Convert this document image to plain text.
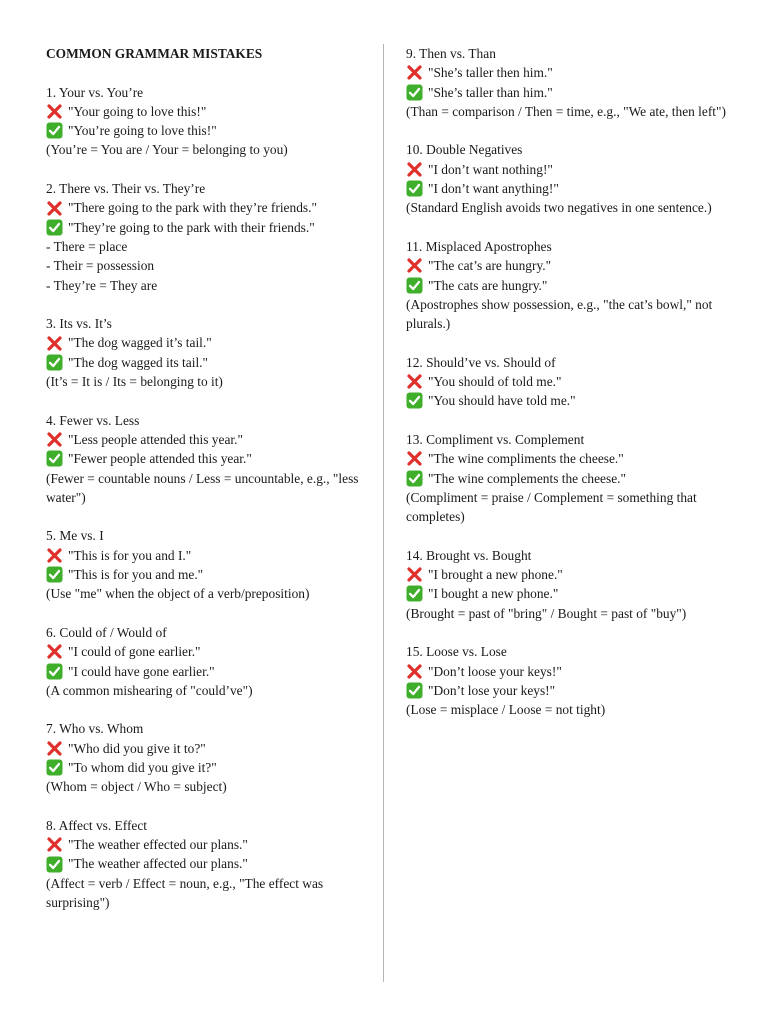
COMMON GRAMMAR MISTAKES
1. Your vs. You’re
"Your going to love this!"
"You’re going to love this!"
(You’re = You are / Your = belonging to you)
2. There vs. Their vs. They’re
"There going to the park with they’re friends."
"They’re going to the park with their friends."
- There = place
- Their = possession
- They’re = They are
3. Its vs. It’s
"The dog wagged it’s tail."
"The dog wagged its tail."
(It’s = It is / Its = belonging to it)
4. Fewer vs. Less
"Less people attended this year."
"Fewer people attended this year."
(Fewer = countable nouns / Less = uncountable, e.g., "less water")
5. Me vs. I
"This is for you and I."
"This is for you and me."
(Use "me" when the object of a verb/preposition)
6. Could of / Would of
"I could of gone earlier."
"I could have gone earlier."
(A common mishearing of "could’ve")
7. Who vs. Whom
"Who did you give it to?"
"To whom did you give it?"
(Whom = object / Who = subject)
8. Affect vs. Effect
"The weather effected our plans."
"The weather affected our plans."
(Affect = verb / Effect = noun, e.g., "The effect was surprising")
9. Then vs. Than
"She’s taller then him."
"She’s taller than him."
(Than = comparison / Then = time, e.g., "We ate, then left")
10. Double Negatives
"I don’t want nothing!"
"I don’t want anything!"
(Standard English avoids two negatives in one sentence.)
11. Misplaced Apostrophes
"The cat’s are hungry."
"The cats are hungry."
(Apostrophes show possession, e.g., "the cat’s bowl," not plurals.)
12. Should’ve vs. Should of
"You should of told me."
"You should have told me."
13. Compliment vs. Complement
"The wine compliments the cheese."
"The wine complements the cheese."
(Compliment = praise / Complement = something that completes)
14. Brought vs. Bought
"I brought a new phone."
"I bought a new phone."
(Brought = past of "bring" / Bought = past of "buy")
15. Loose vs. Lose
"Don’t loose your keys!"
"Don’t lose your keys!"
(Lose = misplace / Loose = not tight)
